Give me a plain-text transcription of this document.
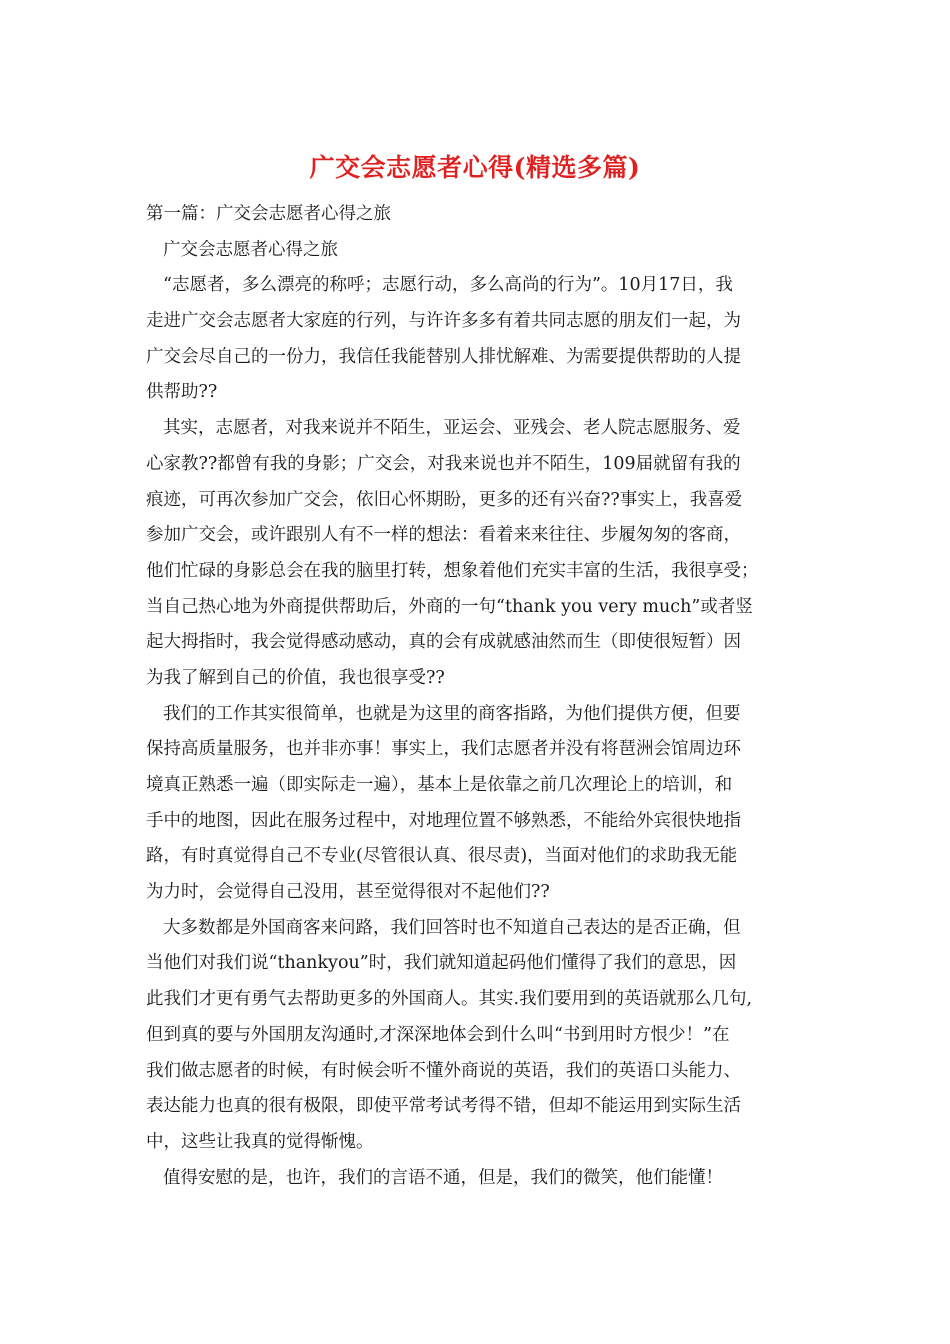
广交会志愿者心得(精选多篇)
第一篇：广交会志愿者心得之旅
广交会志愿者心得之旅
“志愿者，多么漂亮的称呼；志愿行动，多么高尚的行为”。10月17日，我
走进广交会志愿者大家庭的行列，与许许多多有着共同志愿的朋友们一起，为
广交会尽自己的一份力，我信任我能替别人排忧解难、为需要提供帮助的人提
供帮助??
其实，志愿者，对我来说并不陌生，亚运会、亚残会、老人院志愿服务、爱
心家教??都曾有我的身影；广交会，对我来说也并不陌生，109届就留有我的
痕迹，可再次参加广交会，依旧心怀期盼，更多的还有兴奋??事实上，我喜爱
参加广交会，或许跟别人有不一样的想法：看着来来往往、步履匆匆的客商，
他们忙碌的身影总会在我的脑里打转，想象着他们充实丰富的生活，我很享受；
当自己热心地为外商提供帮助后，外商的一句“thank you very much”或者竖
起大拇指时，我会觉得感动感动，真的会有成就感油然而生（即使很短暂）因
为我了解到自己的价值，我也很享受??
我们的工作其实很简单，也就是为这里的商客指路，为他们提供方便，但要
保持高质量服务，也并非亦事！事实上，我们志愿者并没有将琶洲会馆周边环
境真正熟悉一遍（即实际走一遍），基本上是依靠之前几次理论上的培训，和
手中的地图，因此在服务过程中，对地理位置不够熟悉，不能给外宾很快地指
路，有时真觉得自己不专业(尽管很认真、很尽责)，当面对他们的求助我无能
为力时，会觉得自己没用，甚至觉得很对不起他们??
大多数都是外国商客来问路，我们回答时也不知道自己表达的是否正确，但
当他们对我们说“thankyou”时，我们就知道起码他们懂得了我们的意思，因
此我们才更有勇气去帮助更多的外国商人。其实.我们要用到的英语就那么几句,
但到真的要与外国朋友沟通时,才深深地体会到什么叫“书到用时方恨少！”在
我们做志愿者的时候，有时候会听不懂外商说的英语，我们的英语口头能力、
表达能力也真的很有极限，即使平常考试考得不错，但却不能运用到实际生活
中，这些让我真的觉得惭愧。
值得安慰的是，也许，我们的言语不通，但是，我们的微笑，他们能懂！
